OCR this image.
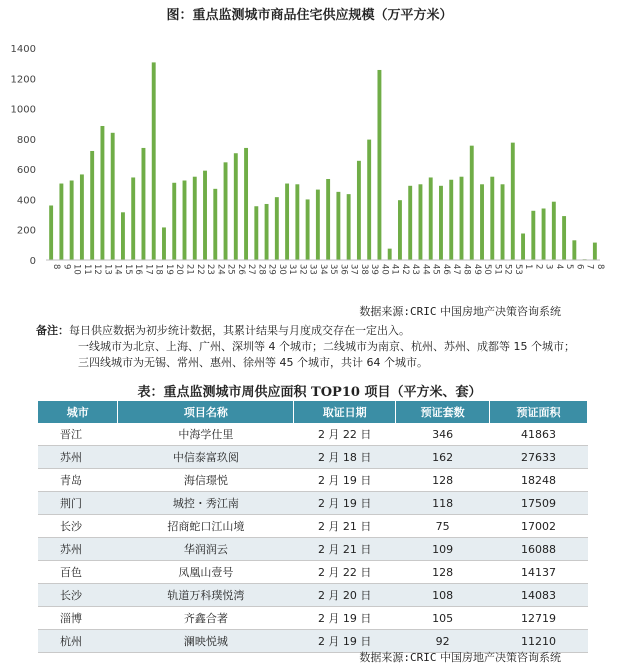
图：重点监测城市商品住宅供应规模（万平方米）
0
200
400
600
800
1000
1200
1400
8 9 10 11 12 13 14 15 16 17 18 19 20 21 22 23 24 25 26 27 28 29 30 31 32 33 34 35 36 37 38 39 40 41 42 43 44 45 46 47 48 49 50 51 52 53 1 2 3 4 5 6 7 8
数据来源:CRIC 中国房地产决策咨询系统
备注：每日供应数据为初步统计数据，其累计结果与月度成交存在一定出入。
一线城市为北京、上海、广州、深圳等 4 个城市；二线城市为南京、杭州、苏州、成都等 15 个城市；
三四线城市为无锡、常州、惠州、徐州等 45 个城市，共计 64 个城市。
表：重点监测城市周供应面积 TOP10 项目（平方米、套）
城市	项目名称	取证日期	预证套数	预证面积
晋江	中海学仕里	2 月 22 日	346	41863
苏州	中信泰富玖阅	2 月 18 日	162	27633
青岛	海信璟悦	2 月 19 日	128	18248
荆门	城控・秀江南	2 月 19 日	118	17509
长沙	招商蛇口江山境	2 月 21 日	75	17002
苏州	华润润云	2 月 21 日	109	16088
百色	凤凰山壹号	2 月 22 日	128	14137
长沙	轨道万科璞悦湾	2 月 20 日	108	14083
淄博	齐鑫合著	2 月 19 日	105	12719
杭州	澜映悦城	2 月 19 日	92	11210
数据来源:CRIC 中国房地产决策咨询系统
